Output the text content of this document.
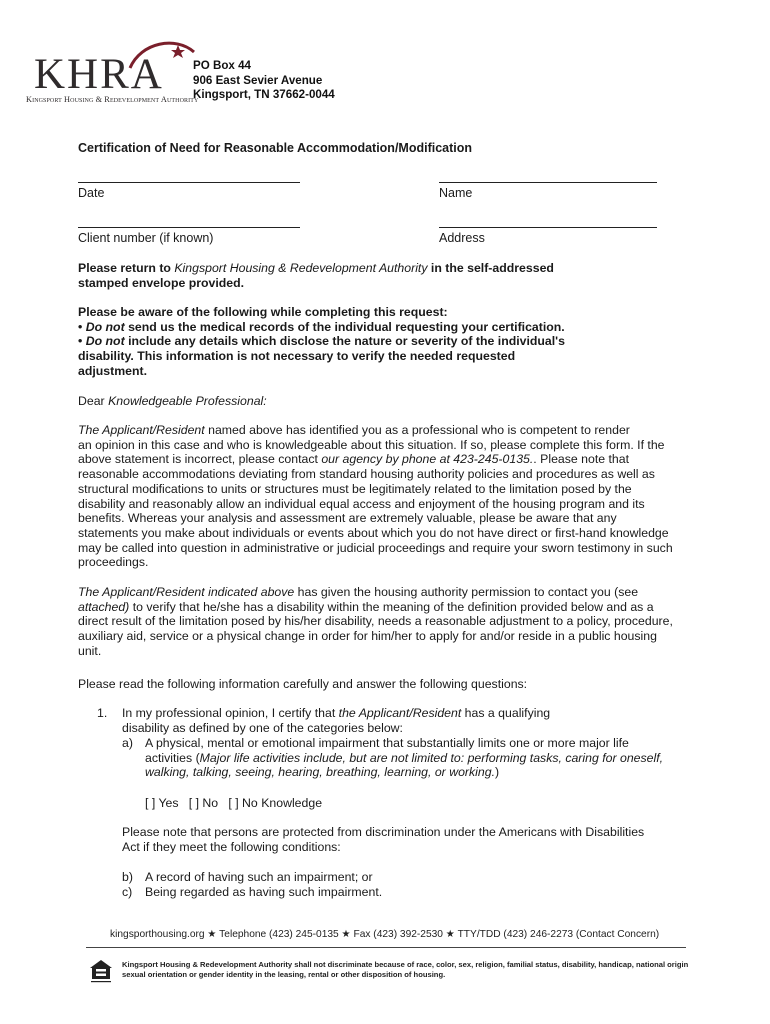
KHRA
Kingsport Housing & Redevelopment Authority
PO Box 44
906 East Sevier Avenue
Kingsport, TN 37662-0044
Certification of Need for Reasonable Accommodation/Modification
Date	Name
Client number (if known)	Address
Please return to Kingsport Housing & Redevelopment Authority in the self-addressed
stamped envelope provided.
Please be aware of the following while completing this request:
• Do not send us the medical records of the individual requesting your certification.
• Do not include any details which disclose the nature or severity of the individual's
disability. This information is not necessary to verify the needed requested
adjustment.
Dear Knowledgeable Professional:
The Applicant/Resident named above has identified you as a professional who is competent to render
an opinion in this case and who is knowledgeable about this situation. If so, please complete this form. If the
above statement is incorrect, please contact our agency by phone at 423-245-0135.. Please note that
reasonable accommodations deviating from standard housing authority policies and procedures as well as
structural modifications to units or structures must be legitimately related to the limitation posed by the
disability and reasonably allow an individual equal access and enjoyment of the housing program and its
benefits. Whereas your analysis and assessment are extremely valuable, please be aware that any
statements you make about individuals or events about which you do not have direct or first-hand knowledge
may be called into question in administrative or judicial proceedings and require your sworn testimony in such
proceedings.
The Applicant/Resident indicated above has given the housing authority permission to contact you (see
attached) to verify that he/she has a disability within the meaning of the definition provided below and as a
direct result of the limitation posed by his/her disability, needs a reasonable adjustment to a policy, procedure,
auxiliary aid, service or a physical change in order for him/her to apply for and/or reside in a public housing
unit.
Please read the following information carefully and answer the following questions:
1. In my professional opinion, I certify that the Applicant/Resident has a qualifying
disability as defined by one of the categories below:
a) A physical, mental or emotional impairment that substantially limits one or more major life
activities (Major life activities include, but are not limited to: performing tasks, caring for oneself,
walking, talking, seeing, hearing, breathing, learning, or working.)
[ ] Yes   [ ] No   [ ] No Knowledge
Please note that persons are protected from discrimination under the Americans with Disabilities
Act if they meet the following conditions:
b) A record of having such an impairment; or
c) Being regarded as having such impairment.
kingsporthousing.org ★ Telephone (423) 245-0135 ★ Fax (423) 392-2530 ★ TTY/TDD (423) 246-2273 (Contact Concern)
Kingsport Housing & Redevelopment Authority shall not discriminate because of race, color, sex, religion, familial status, disability, handicap, national origin
sexual orientation or gender identity in the leasing, rental or other disposition of housing.
